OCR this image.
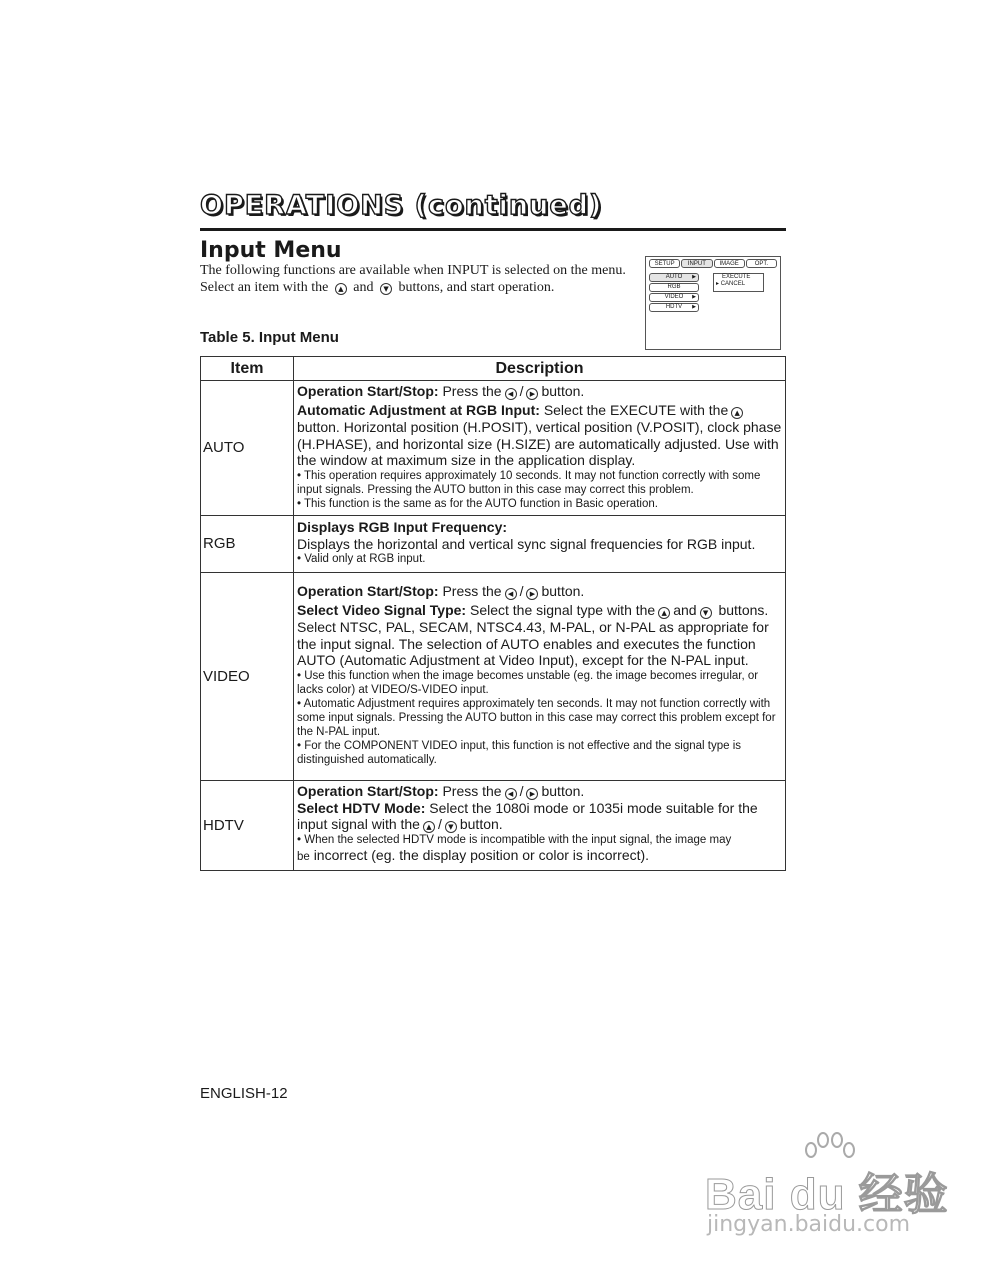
OPERATIONS (continued)
Input Menu
The following functions are available when INPUT is selected on the menu. Select an item with the ▲ and ▼ buttons, and start operation.
SETUP	INPUT	IMAGE	OPT.
AUTO ▶
RGB
VIDEO ▶
HDTV ▶
EXECUTE
▸ CANCEL
Table 5. Input Menu
Item	Description
AUTO	Operation Start/Stop: Press the ◀ / ▶ button.
Automatic Adjustment at RGB Input: Select the EXECUTE with the ▲ button. Horizontal position (H.POSIT), vertical position (V.POSIT), clock phase (H.PHASE), and horizontal size (H.SIZE) are automatically adjusted. Use with the window at maximum size in the application display.
• This operation requires approximately 10 seconds. It may not function correctly with some input signals. Pressing the AUTO button in this case may correct this problem.
• This function is the same as for the AUTO function in Basic operation.

RGB	Displays RGB Input Frequency:
Displays the horizontal and vertical sync signal frequencies for RGB input.
• Valid only at RGB input.

VIDEO	Operation Start/Stop: Press the ◀ / ▶ button.
Select Video Signal Type: Select the signal type with the ▲ and ▼ buttons. Select NTSC, PAL, SECAM, NTSC4.43, M-PAL, or N-PAL as appropriate for the input signal. The selection of AUTO enables and executes the function AUTO (Automatic Adjustment at Video Input), except for the N-PAL input.
• Use this function when the image becomes unstable (eg. the image becomes irregular, or lacks color) at VIDEO/S-VIDEO input.
• Automatic Adjustment requires approximately ten seconds. It may not function correctly with some input signals. Pressing the AUTO button in this case may correct this problem except for the N-PAL input.
• For the COMPONENT VIDEO input, this function is not effective and the signal type is distinguished automatically.

HDTV	Operation Start/Stop: Press the ◀ / ▶ button.
Select HDTV Mode: Select the 1080i mode or 1035i mode suitable for the input signal with the ▲ / ▼ button.
• When the selected HDTV mode is incompatible with the input signal, the image may
be incorrect (eg. the display position or color is incorrect).
ENGLISH-12
Bai du 经验
jingyan.baidu.com
